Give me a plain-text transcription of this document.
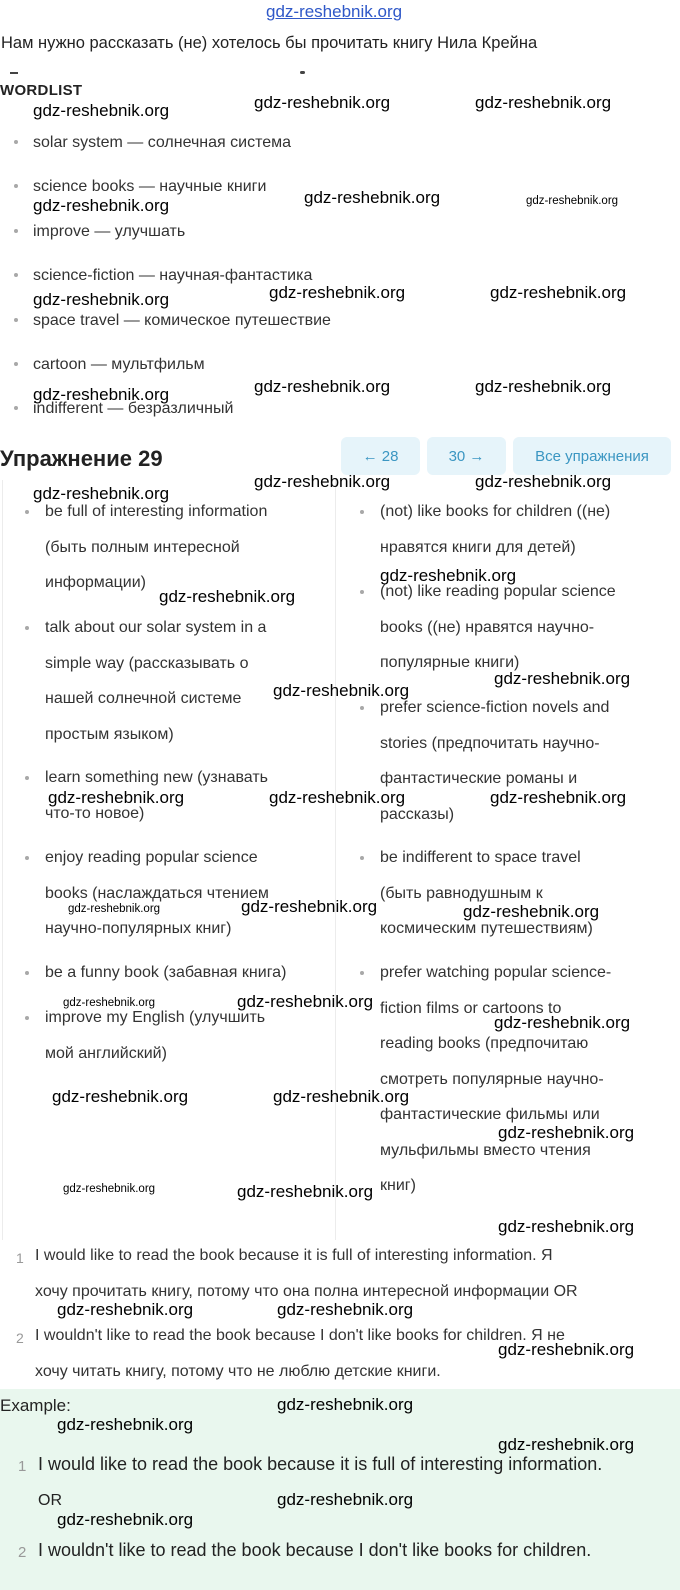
gdz-reshebnik.org
Нам нужно рассказать (не) хотелось бы прочитать книгу Нила Крейна
WORDLIST
solar system — солнечная система
science books — научные книги
improve — улучшать
science-fiction — научная-фантастика
space travel — комическое путешествие
cartoon — мультфильм
indifferent — безразличный
Упражнение 29	← 28	30 →	Все упражнения
be full of interesting information
(быть полным интересной
информации)
talk about our solar system in a
simple way (рассказывать о
нашей солнечной системе
простым языком)
learn something new (узнавать
что-то новое)
enjoy reading popular science
books (наслаждаться чтением
научно-популярных книг)
be a funny book (забавная книга)
improve my English (улучшить
мой английский)
(not) like books for children ((не)
нравятся книги для детей)
(not) like reading popular science
books ((не) нравятся научно-
популярные книги)
prefer science-fiction novels and
stories (предпочитать научно-
фантастические романы и
рассказы)
be indifferent to space travel
(быть равнодушным к
космическим путешествиям)
prefer watching popular science-
fiction films or cartoons to
reading books (предпочитаю
смотреть популярные научно-
фантастические фильмы или
мульфильмы вместо чтения
книг)
1 I would like to read the book because it is full of interesting information. Я
хочу прочитать книгу, потому что она полна интересной информации OR
2 I wouldn't like to read the book because I don't like books for children. Я не
хочу читать книгу, потому что не люблю детские книги.
Example:
1 I would like to read the book because it is full of interesting information.
OR
2 I wouldn't like to read the book because I don't like books for children.
gdz-reshebnik.org	gdz-reshebnik.org	gdz-reshebnik.org
gdz-reshebnik.org	gdz-reshebnik.org	gdz-reshebnik.org
gdz-reshebnik.org	gdz-reshebnik.org	gdz-reshebnik.org
gdz-reshebnik.org	gdz-reshebnik.org	gdz-reshebnik.org
gdz-reshebnik.org
gdz-reshebnik.org	gdz-reshebnik.org
gdz-reshebnik.org
gdz-reshebnik.org
gdz-reshebnik.org
gdz-reshebnik.org
gdz-reshebnik.org	gdz-reshebnik.org	gdz-reshebnik.org
gdz-reshebnik.org	gdz-reshebnik.org	gdz-reshebnik.org
gdz-reshebnik.org	gdz-reshebnik.org
gdz-reshebnik.org
gdz-reshebnik.org	gdz-reshebnik.org
gdz-reshebnik.org
gdz-reshebnik.org	gdz-reshebnik.org
gdz-reshebnik.org
gdz-reshebnik.org	gdz-reshebnik.org
gdz-reshebnik.org
gdz-reshebnik.org
gdz-reshebnik.org
gdz-reshebnik.org
gdz-reshebnik.org
gdz-reshebnik.org
